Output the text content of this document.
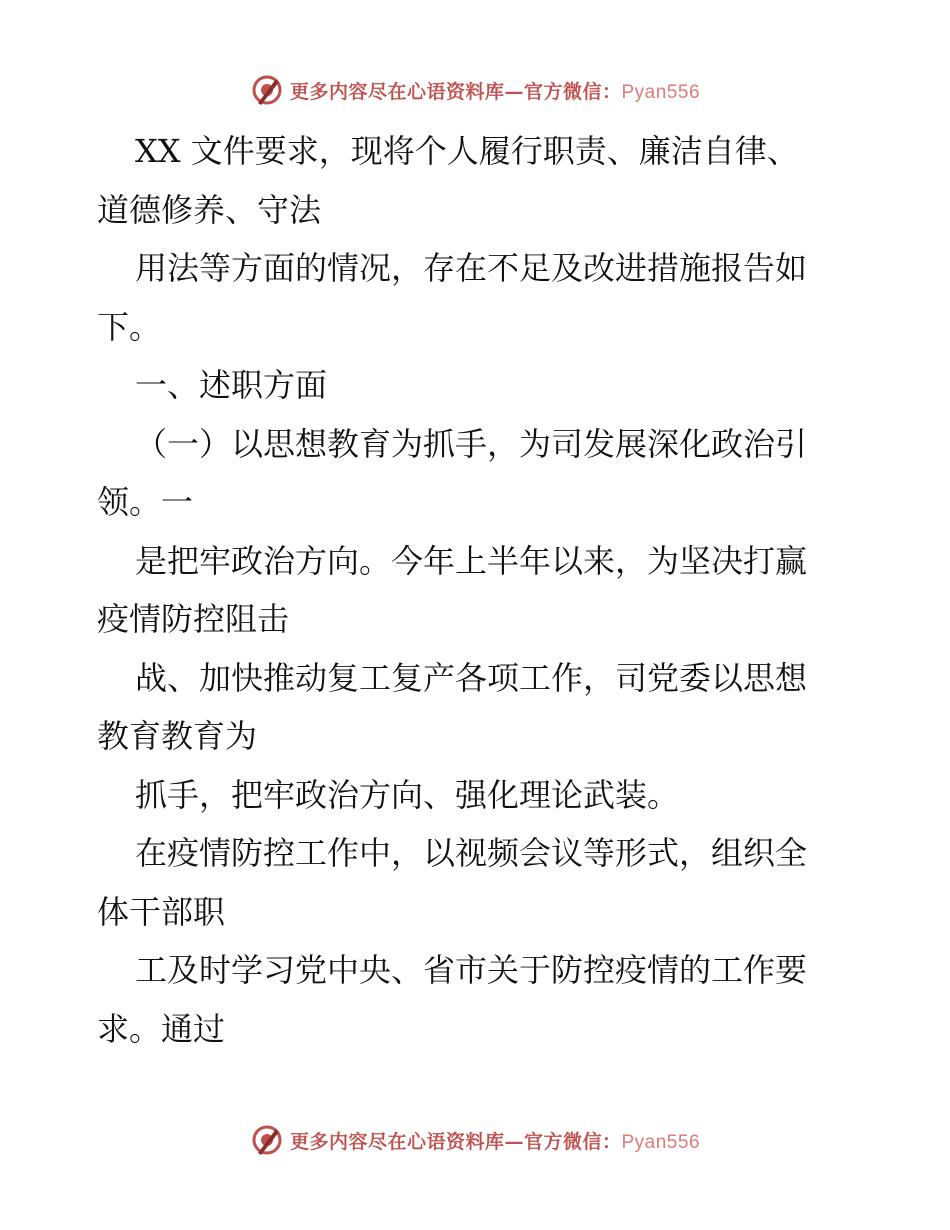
更多内容尽在心语资料库—官方微信：Pyan556
XX 文件要求，现将个人履行职责、廉洁自律、
道德修养、守法
用法等方面的情况，存在不足及改进措施报告如
下。
一、述职方面
（一）以思想教育为抓手，为司发展深化政治引
领。一
是把牢政治方向。今年上半年以来，为坚决打赢
疫情防控阻击
战、加快推动复工复产各项工作，司党委以思想
教育教育为
抓手，把牢政治方向、强化理论武装。
在疫情防控工作中，以视频会议等形式，组织全
体干部职
工及时学习党中央、省市关于防控疫情的工作要
求。通过
更多内容尽在心语资料库—官方微信：Pyan556
